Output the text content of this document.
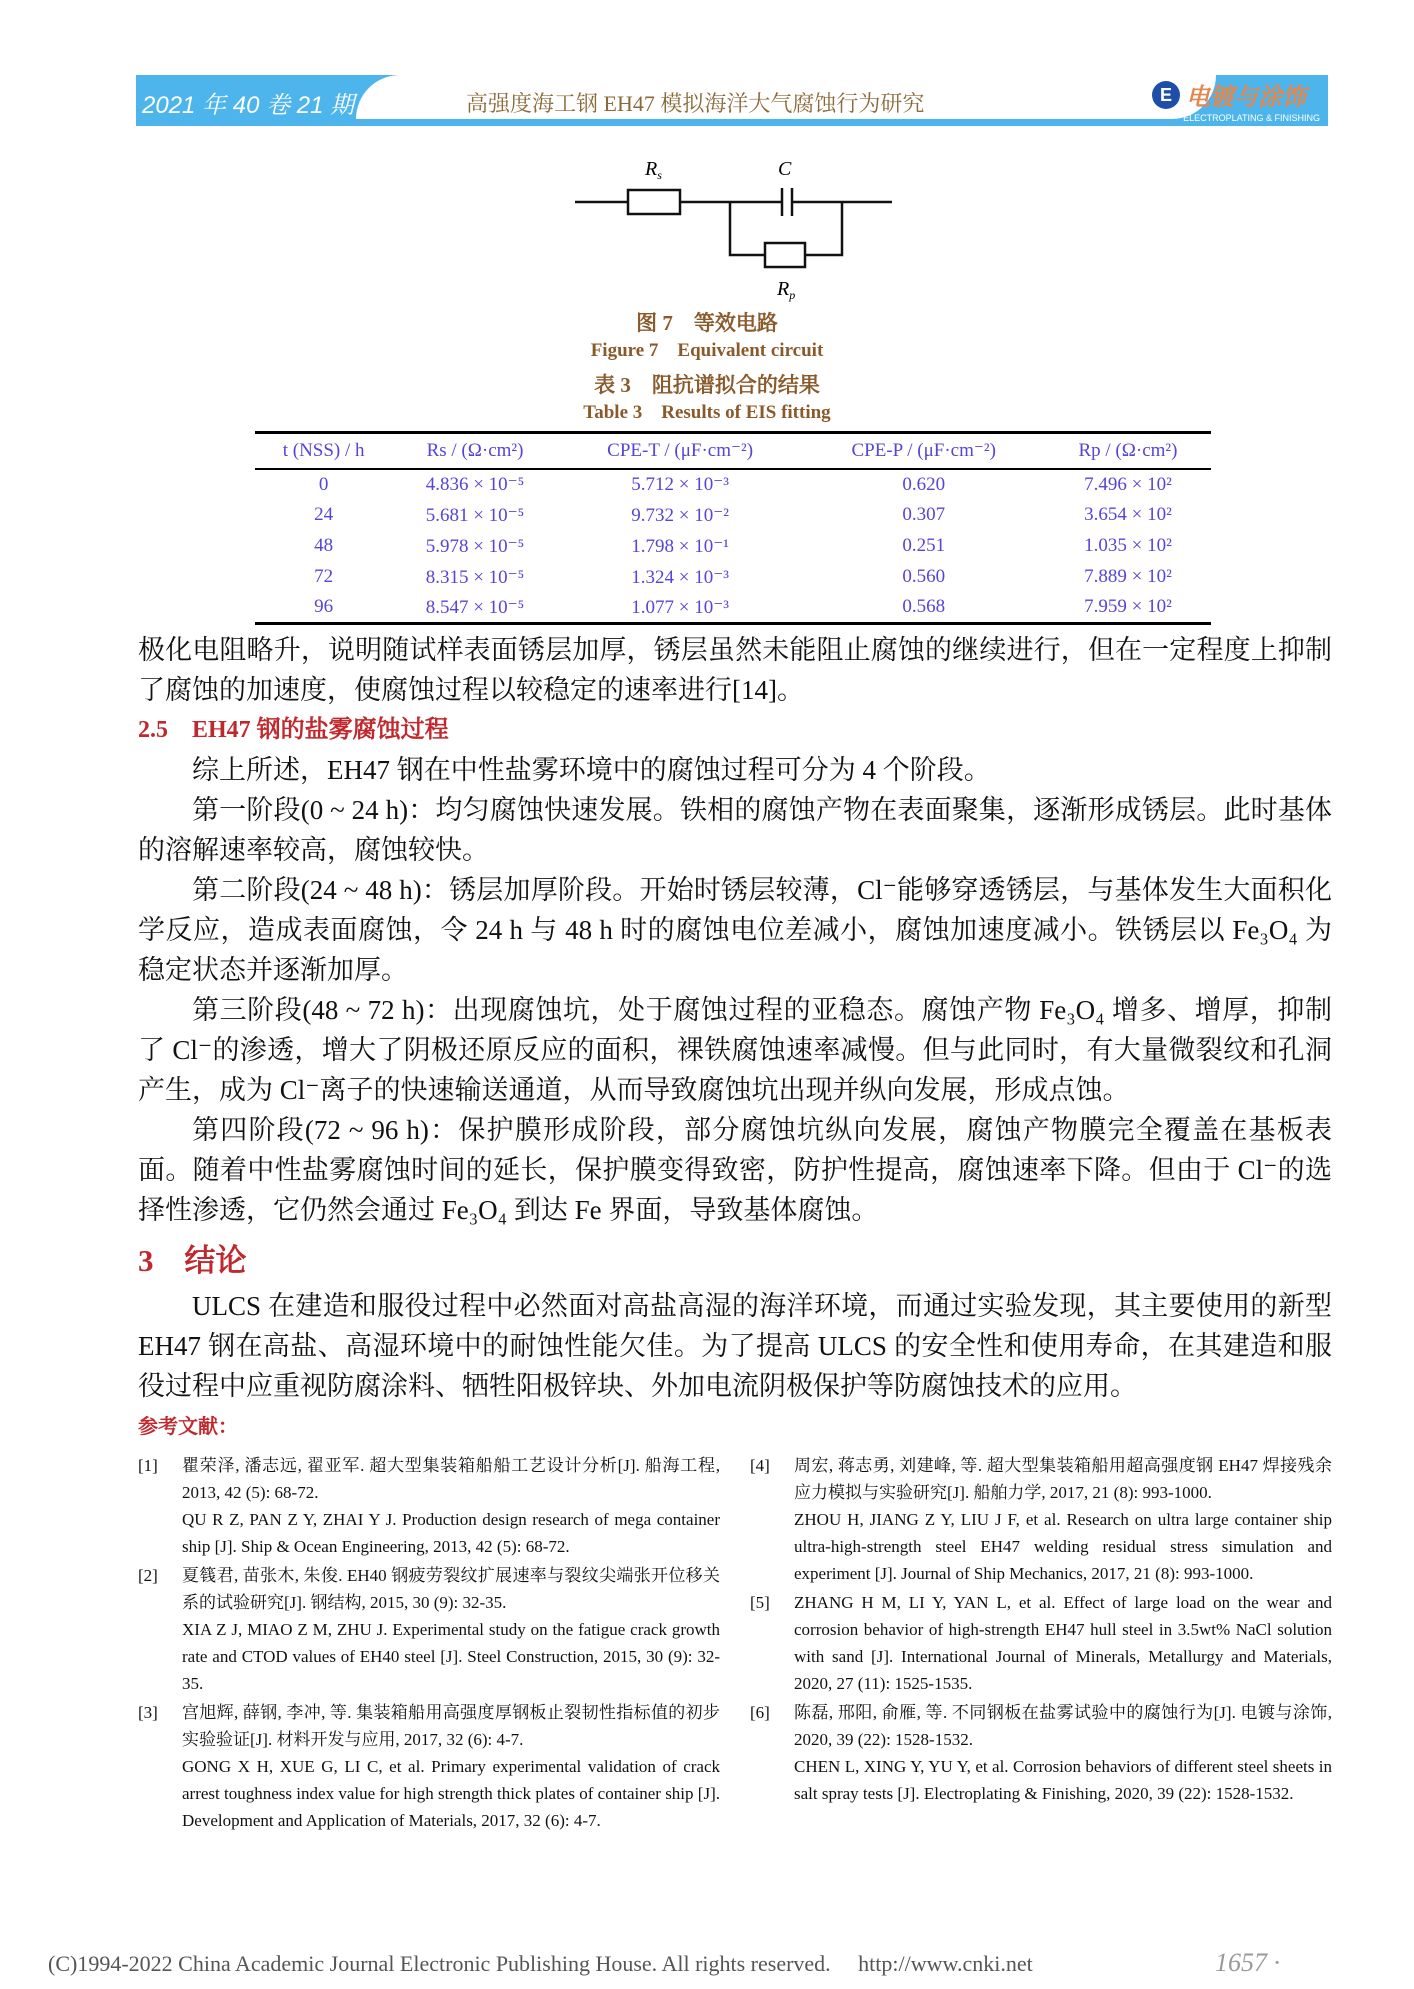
2021 年 40 卷 21 期	高强度海工钢 EH47 模拟海洋大气腐蚀行为研究	E 电镀与涂饰
ELECTROPLATING & FINISHING
$R_s$	C
$R_p$
图 7　等效电路
Figure 7　Equivalent circuit
表 3　阻抗谱拟合的结果
Table 3　Results of EIS fitting
t (NSS) / h	Rs / (Ω·cm²)	CPE-T / (μF·cm⁻²)	CPE-P / (μF·cm⁻²)	Rp / (Ω·cm²)
0	4.836 × 10⁻⁵	5.712 × 10⁻³	0.620	7.496 × 10²
24	5.681 × 10⁻⁵	9.732 × 10⁻²	0.307	3.654 × 10²
48	5.978 × 10⁻⁵	1.798 × 10⁻¹	0.251	1.035 × 10²
72	8.315 × 10⁻⁵	1.324 × 10⁻³	0.560	7.889 × 10²
96	8.547 × 10⁻⁵	1.077 × 10⁻³	0.568	7.959 × 10²

极化电阻略升，说明随试样表面锈层加厚，锈层虽然未能阻止腐蚀的继续进行，但在一定程度上抑制了腐蚀的加速度，使腐蚀过程以较稳定的速率进行[14]。

2.5　EH47 钢的盐雾腐蚀过程

综上所述，EH47 钢在中性盐雾环境中的腐蚀过程可分为 4 个阶段。

第一阶段(0 ~ 24 h)：均匀腐蚀快速发展。铁相的腐蚀产物在表面聚集，逐渐形成锈层。此时基体的溶解速率较高，腐蚀较快。

第二阶段(24 ~ 48 h)：锈层加厚阶段。开始时锈层较薄，Cl⁻能够穿透锈层，与基体发生大面积化学反应，造成表面腐蚀，令 24 h 与 48 h 时的腐蚀电位差减小，腐蚀加速度减小。铁锈层以 Fe₃O₄ 为稳定状态并逐渐加厚。

第三阶段(48 ~ 72 h)：出现腐蚀坑，处于腐蚀过程的亚稳态。腐蚀产物 Fe₃O₄ 增多、增厚，抑制了 Cl⁻的渗透，增大了阴极还原反应的面积，裸铁腐蚀速率减慢。但与此同时，有大量微裂纹和孔洞产生，成为 Cl⁻离子的快速输送通道，从而导致腐蚀坑出现并纵向发展，形成点蚀。

第四阶段(72 ~ 96 h)：保护膜形成阶段，部分腐蚀坑纵向发展，腐蚀产物膜完全覆盖在基板表面。随着中性盐雾腐蚀时间的延长，保护膜变得致密，防护性提高，腐蚀速率下降。但由于 Cl⁻的选择性渗透，它仍然会通过 Fe₃O₄ 到达 Fe 界面，导致基体腐蚀。

3　结论

ULCS 在建造和服役过程中必然面对高盐高湿的海洋环境，而通过实验发现，其主要使用的新型 EH47 钢在高盐、高湿环境中的耐蚀性能欠佳。为了提高 ULCS 的安全性和使用寿命，在其建造和服役过程中应重视防腐涂料、牺牲阳极锌块、外加电流阴极保护等防腐蚀技术的应用。

参考文献：
[1]	瞿荣泽, 潘志远, 翟亚军. 超大型集装箱船船工艺设计分析[J]. 船海工程, 2013, 42 (5): 68-72.
QU R Z, PAN Z Y, ZHAI Y J. Production design research of mega container ship [J]. Ship & Ocean Engineering, 2013, 42 (5): 68-72.
[2]	夏篯君, 苗张木, 朱俊. EH40 钢疲劳裂纹扩展速率与裂纹尖端张开位移关系的试验研究[J]. 钢结构, 2015, 30 (9): 32-35.
XIA Z J, MIAO Z M, ZHU J. Experimental study on the fatigue crack growth rate and CTOD values of EH40 steel [J]. Steel Construction, 2015, 30 (9): 32-35.
[3]	宫旭辉, 薛钢, 李冲, 等. 集装箱船用高强度厚钢板止裂韧性指标值的初步实验验证[J]. 材料开发与应用, 2017, 32 (6): 4-7.
GONG X H, XUE G, LI C, et al. Primary experimental validation of crack arrest toughness index value for high strength thick plates of container ship [J]. Development and Application of Materials, 2017, 32 (6): 4-7.
[4]	周宏, 蒋志勇, 刘建峰, 等. 超大型集装箱船用超高强度钢 EH47 焊接残余应力模拟与实验研究[J]. 船舶力学, 2017, 21 (8): 993-1000.
ZHOU H, JIANG Z Y, LIU J F, et al. Research on ultra large container ship ultra-high-strength steel EH47 welding residual stress simulation and experiment [J]. Journal of Ship Mechanics, 2017, 21 (8): 993-1000.
[5]	ZHANG H M, LI Y, YAN L, et al. Effect of large load on the wear and corrosion behavior of high-strength EH47 hull steel in 3.5wt% NaCl solution with sand [J]. International Journal of Minerals, Metallurgy and Materials, 2020, 27 (11): 1525-1535.
[6]	陈磊, 邢阳, 俞雁, 等. 不同钢板在盐雾试验中的腐蚀行为[J]. 电镀与涂饰, 2020, 39 (22): 1528-1532.
CHEN L, XING Y, YU Y, et al. Corrosion behaviors of different steel sheets in salt spray tests [J]. Electroplating & Finishing, 2020, 39 (22): 1528-1532.
(C)1994-2022 China Academic Journal Electronic Publishing House. All rights reserved.　 http://www.cnki.net	1657 ·
